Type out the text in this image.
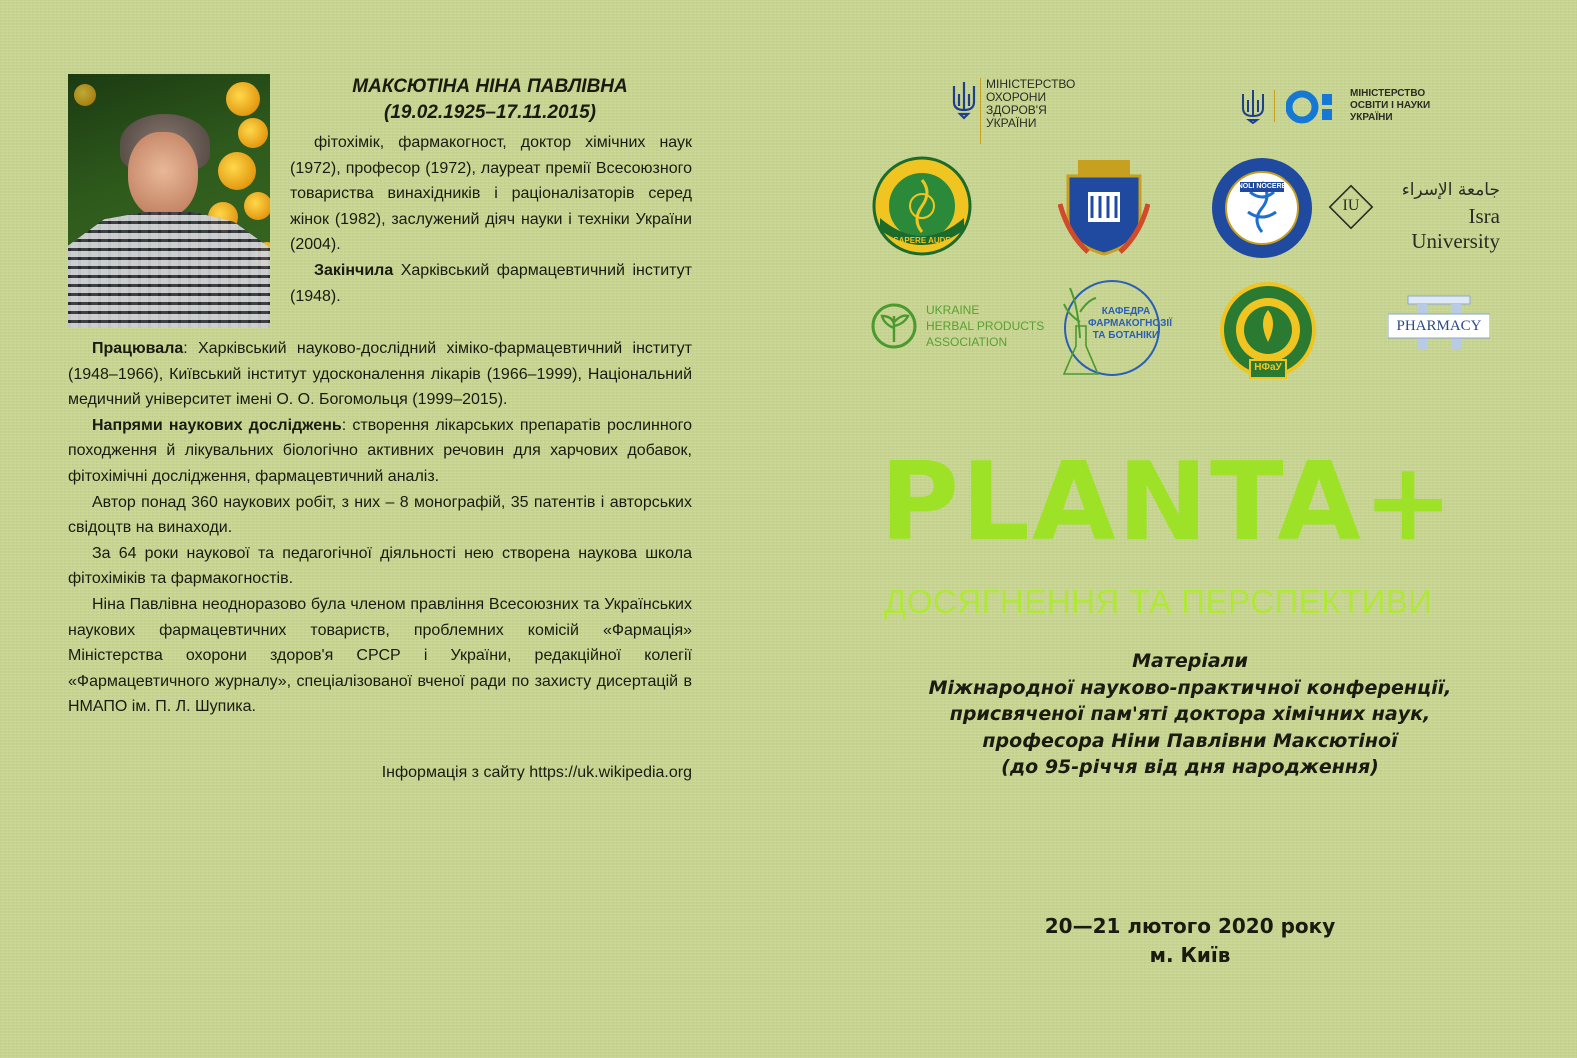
МАКСЮТІНА НІНА ПАВЛІВНА
(19.02.1925–17.11.2015)

фітохімік, фармакогност, доктор хімічних наук (1972), професор (1972), лауреат премії Всесоюзного товариства винахідників і раціоналізаторів серед жінок (1982), заслужений діяч науки і техніки України (2004).

Закінчила Харківський фармацевтичний інститут (1948).

Працювала: Харківський науково-дослідний хіміко-фармацевтичний інститут (1948–1966), Київський інститут удосконалення лікарів (1966–1999), Національний медичний університет імені О. О. Богомольця (1999–2015).

Напрями наукових досліджень: створення лікарських препаратів рослинного походження й лікувальних біологічно активних речовин для харчових добавок, фітохімічні дослідження, фармацевтичний аналіз.

Автор понад 360 наукових робіт, з них – 8 монографій, 35 патентів і авторських свідоцтв на винаходи.

За 64 роки наукової та педагогічної діяльності нею створена наукова школа фітохіміків та фармакогностів.

Ніна Павлівна неодноразово була членом правління Всесоюзних та Українських наукових фармацевтичних товариств, проблемних комісій «Фармація» Міністерства охорони здоров'я СРСР і України, редакційної колегії «Фармацевтичного журналу», спеціалізованої вченої ради по захисту дисертацій в НМАПО ім. П. Л. Шупика.

Інформація з сайту https://uk.wikipedia.org
МІНІСТЕРСТВО
ОХОРОНИ
ЗДОРОВ'Я
УКРАЇНИ
МІНІСТЕРСТВО
ОСВІТИ І НАУКИ
УКРАЇНИ
SAPERE AUDE
NOLI NOCERE
IU
جامعة الإسراء
Isra University
UKRAINE
HERBAL PRODUCTS
ASSOCIATION
КАФЕДРА
ФАРМАКОГНОЗІЇ
ТА БОТАНІКИ
НФаУ
PHARMACY
PLANTA+
ДОСЯГНЕННЯ ТА ПЕРСПЕКТИВИ
Матеріали
Міжнародної науково-практичної конференції,
присвяченої пам'яті доктора хімічних наук,
професора Ніни Павлівни Максютіної
(до 95-річчя від дня народження)
20—21 лютого 2020 року
м. Київ
